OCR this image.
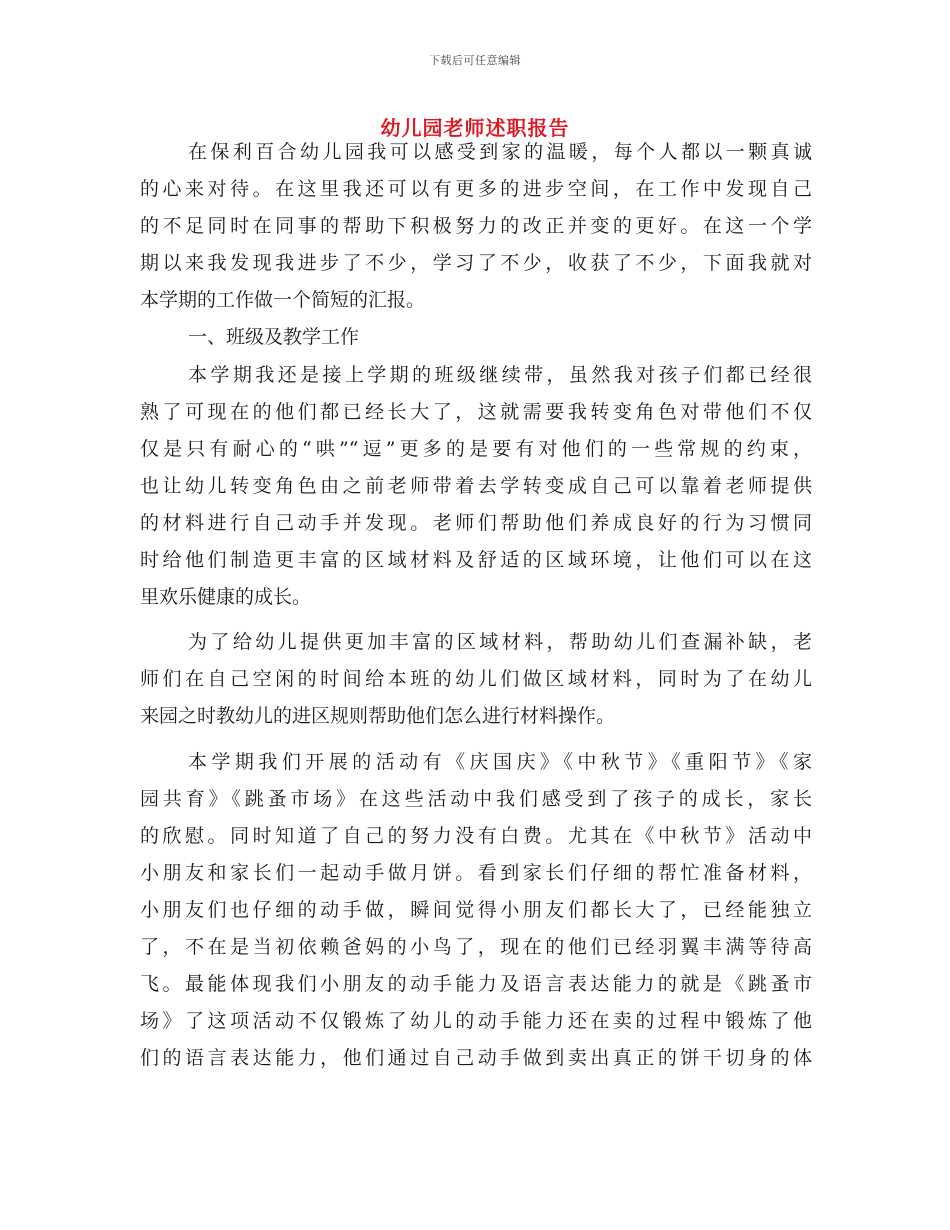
下载后可任意编辑
幼儿园老师述职报告
在保利百合幼儿园我可以感受到家的温暖，每个人都以一颗真诚
的心来对待。在这里我还可以有更多的进步空间，在工作中发现自己
的不足同时在同事的帮助下积极努力的改正并变的更好。在这一个学
期以来我发现我进步了不少，学习了不少，收获了不少，下面我就对
本学期的工作做一个简短的汇报。
一、班级及教学工作
本学期我还是接上学期的班级继续带，虽然我对孩子们都已经很
熟了可现在的他们都已经长大了，这就需要我转变角色对带他们不仅
仅是只有耐心的“哄”“逗”更多的是要有对他们的一些常规的约束，
也让幼儿转变角色由之前老师带着去学转变成自己可以靠着老师提供
的材料进行自己动手并发现。老师们帮助他们养成良好的行为习惯同
时给他们制造更丰富的区域材料及舒适的区域环境，让他们可以在这
里欢乐健康的成长。
为了给幼儿提供更加丰富的区域材料，帮助幼儿们查漏补缺，老
师们在自己空闲的时间给本班的幼儿们做区域材料，同时为了在幼儿
来园之时教幼儿的进区规则帮助他们怎么进行材料操作。
本学期我们开展的活动有《庆国庆》《中秋节》《重阳节》《家
园共育》《跳蚤市场》在这些活动中我们感受到了孩子的成长，家长
的欣慰。同时知道了自己的努力没有白费。尤其在《中秋节》活动中
小朋友和家长们一起动手做月饼。看到家长们仔细的帮忙准备材料，
小朋友们也仔细的动手做，瞬间觉得小朋友们都长大了，已经能独立
了，不在是当初依赖爸妈的小鸟了，现在的他们已经羽翼丰满等待高
飞。最能体现我们小朋友的动手能力及语言表达能力的就是《跳蚤市
场》了这项活动不仅锻炼了幼儿的动手能力还在卖的过程中锻炼了他
们的语言表达能力，他们通过自己动手做到卖出真正的饼干切身的体
